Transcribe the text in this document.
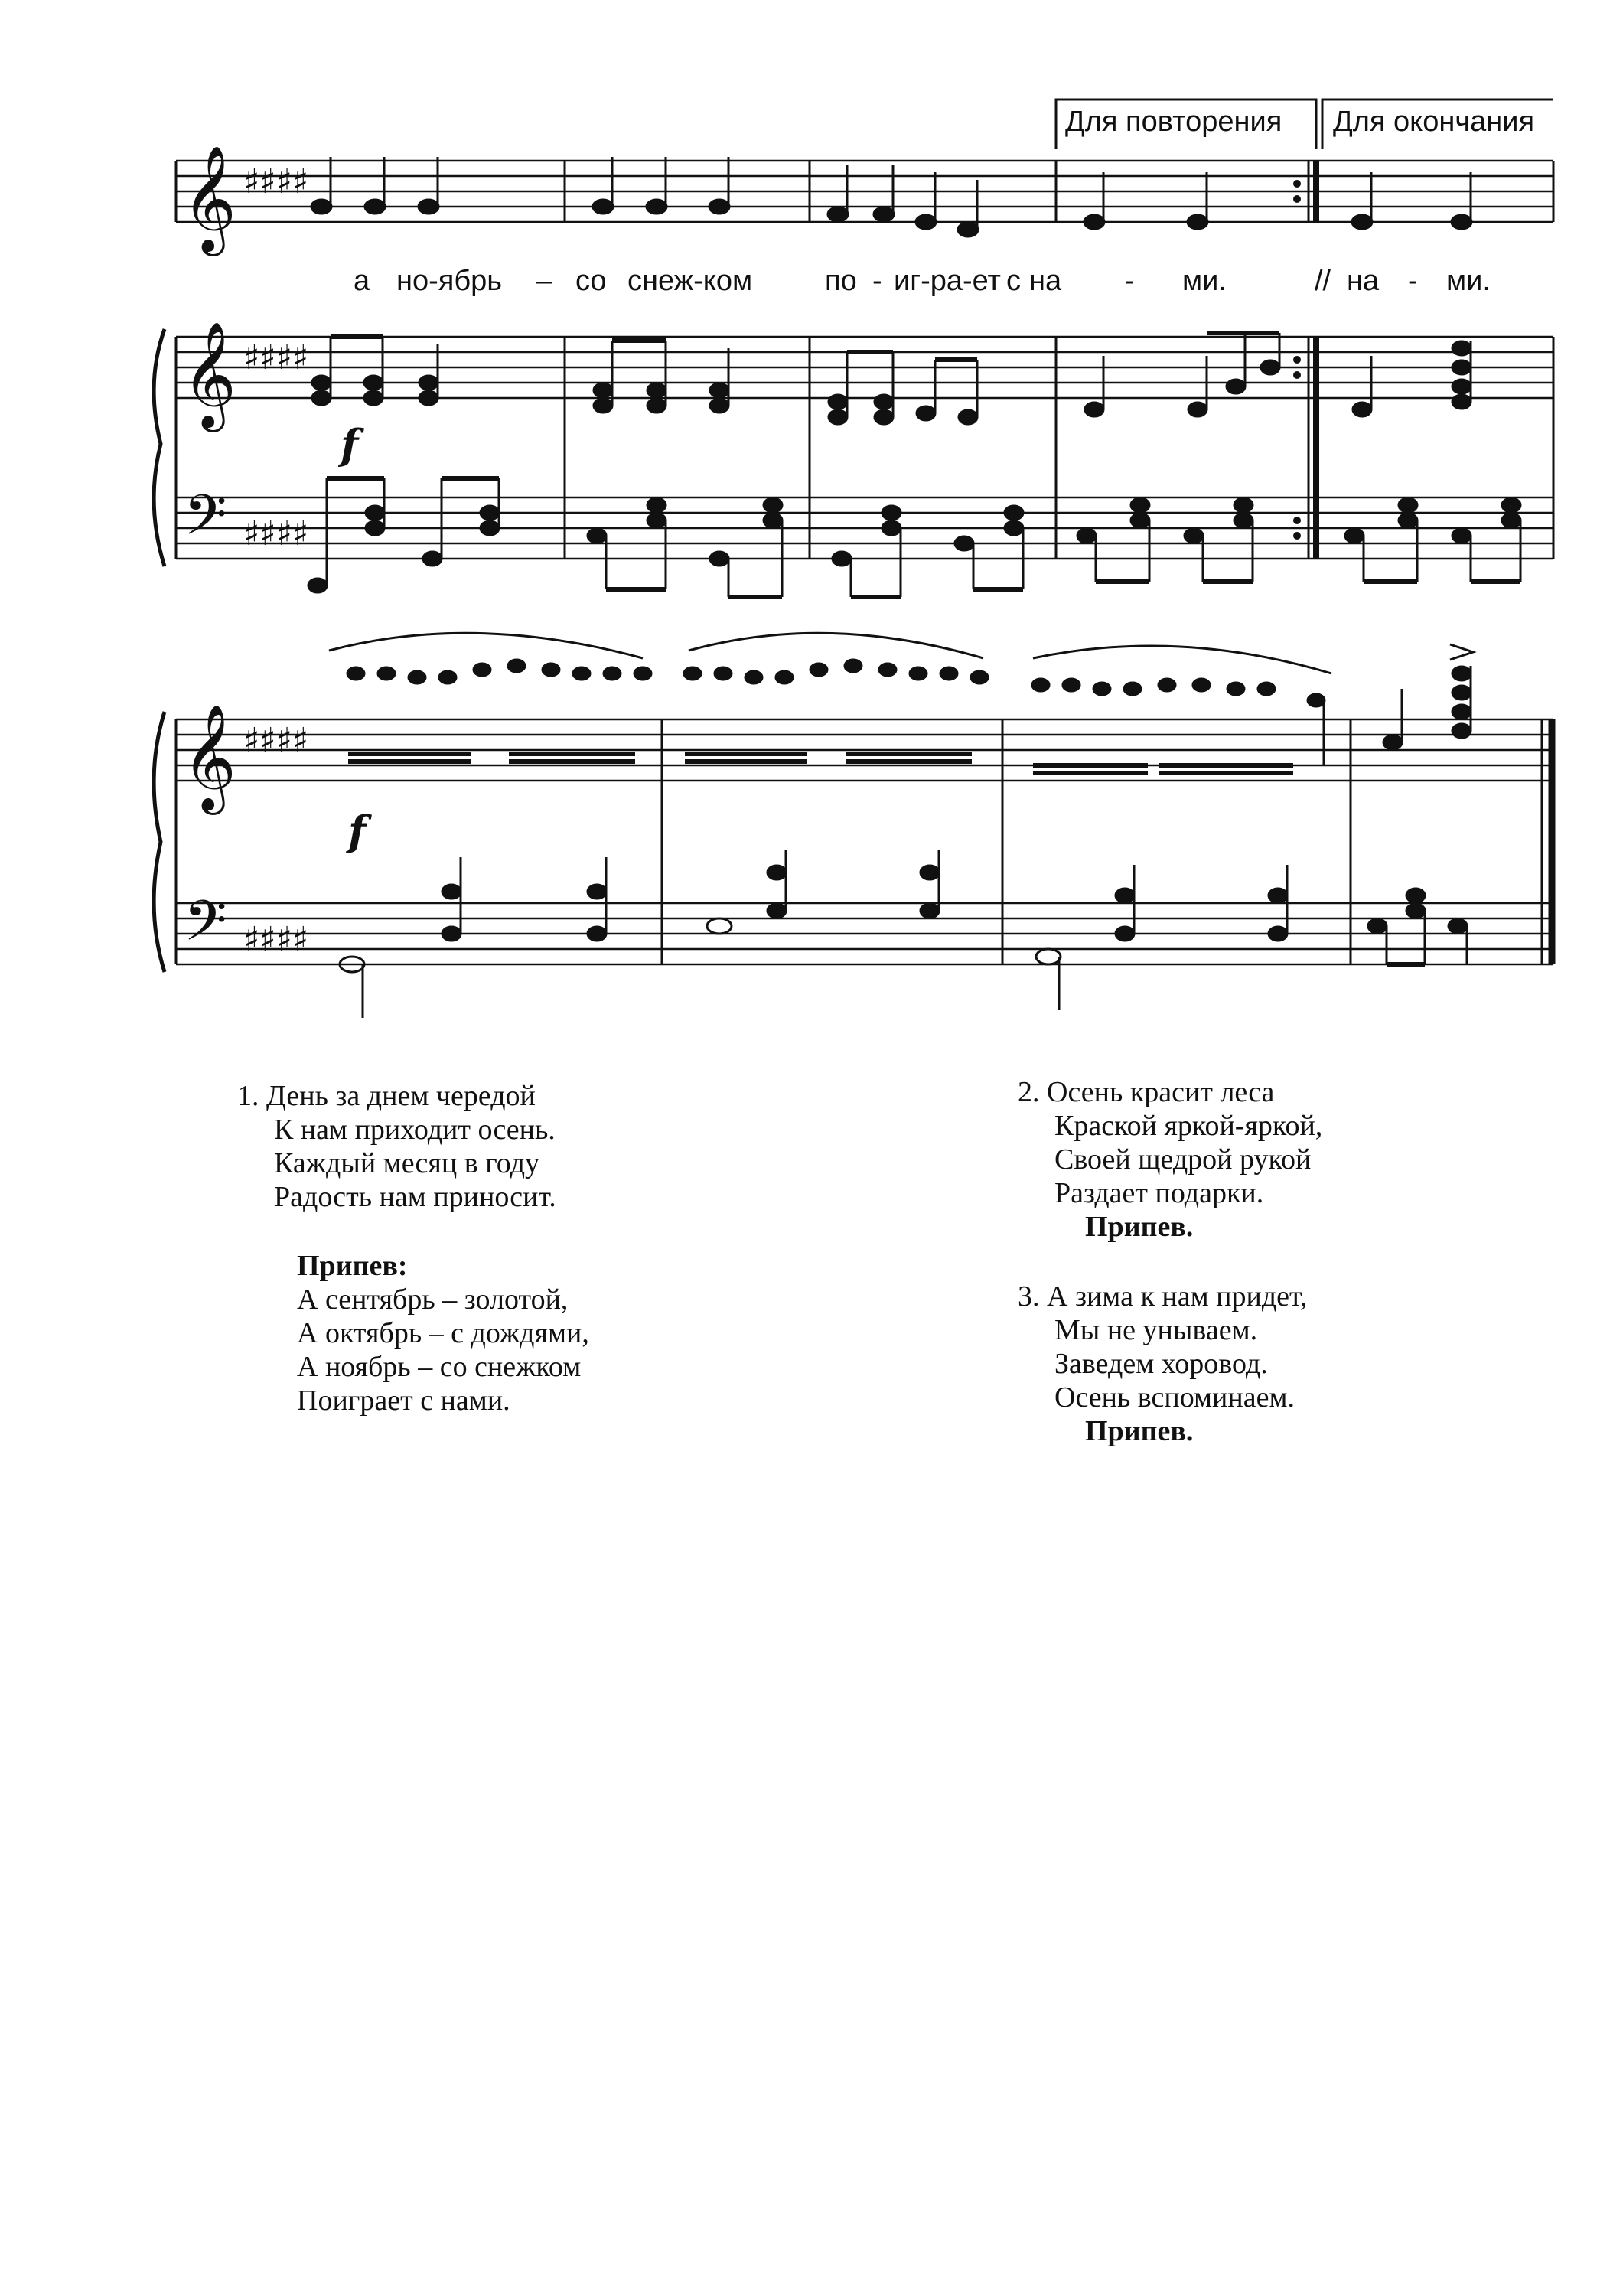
𝄞 ♯♯♯♯
𝄞 ♯♯♯♯
𝄢 ♯♯♯♯
𝄞 ♯♯♯♯
𝄢 ♯♯♯♯
f
f
Для повторения Для окончания
а но-ябрь – со снеж-ком по - иг-ра-ет с на - ми.	// на - ми.
1. День за днем чередой
К нам приходит осень.
Каждый месяц в году
Радость нам приносит.
Припев:
А сентябрь – золотой,
А октябрь – с дождями,
А ноябрь – со снежком
Поиграет с нами.
2. Осень красит леса
Краской яркой-яркой,
Своей щедрой рукой
Раздает подарки.
Припев.
3. А зима к нам придет,
Мы не унываем.
Заведем хоровод.
Осень вспоминаем.
Припев.
